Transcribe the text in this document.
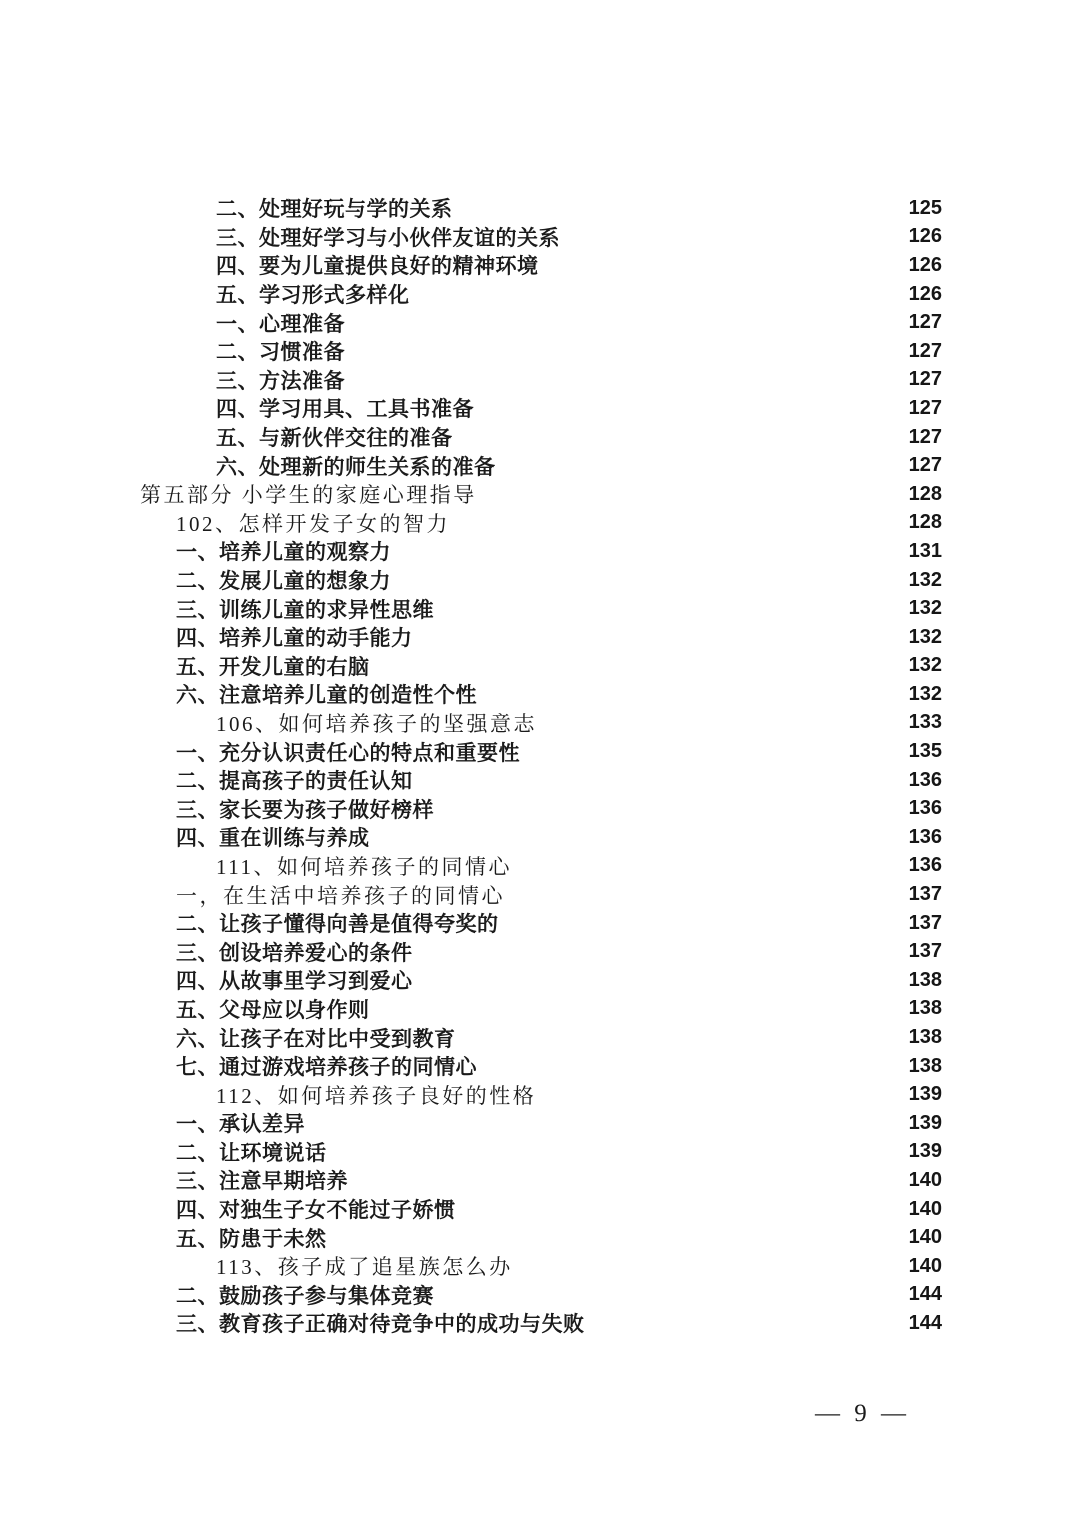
二、处理好玩与学的关系	125
三、处理好学习与小伙伴友谊的关系	126
四、要为儿童提供良好的精神环境	126
五、学习形式多样化	126
一、心理准备	127
二、习惯准备	127
三、方法准备	127
四、学习用具、工具书准备	127
五、与新伙伴交往的准备	127
六、处理新的师生关系的准备	127
第五部分 小学生的家庭心理指导	128
102、怎样开发子女的智力	128
一、培养儿童的观察力	131
二、发展儿童的想象力	132
三、训练儿童的求异性思维	132
四、培养儿童的动手能力	132
五、开发儿童的右脑	132
六、注意培养儿童的创造性个性	132
106、如何培养孩子的坚强意志	133
一、充分认识责任心的特点和重要性	135
二、提高孩子的责任认知	136
三、家长要为孩子做好榜样	136
四、重在训练与养成	136
111、如何培养孩子的同情心	136
一，在生活中培养孩子的同情心	137
二、让孩子懂得向善是值得夸奖的	137
三、创设培养爱心的条件	137
四、从故事里学习到爱心	138
五、父母应以身作则	138
六、让孩子在对比中受到教育	138
七、通过游戏培养孩子的同情心	138
112、如何培养孩子良好的性格	139
一、承认差异	139
二、让环境说话	139
三、注意早期培养	140
四、对独生子女不能过子娇惯	140
五、防患于未然	140
113、孩子成了追星族怎么办	140
二、鼓励孩子参与集体竞赛	144
三、教育孩子正确对待竞争中的成功与失败	144
— 9 —
